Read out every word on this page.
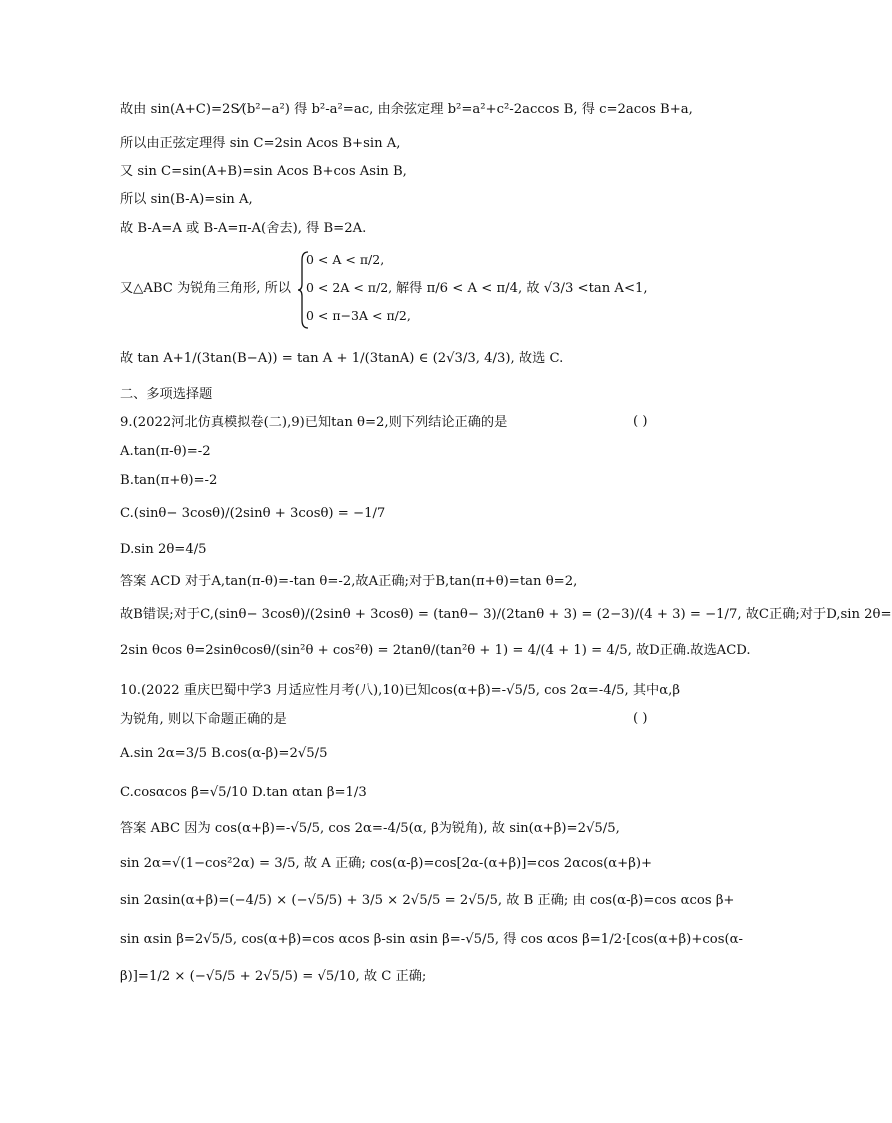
故由 sin(A+C)=2S⁄(b²−a²) 得 b²-a²=ac, 由余弦定理 b²=a²+c²-2accos B, 得 c=2acos B+a,
所以由正弦定理得 sin C=2sin Acos B+sin A,
又 sin C=sin(A+B)=sin Acos B+cos Asin B,
所以 sin(B-A)=sin A,
故 B-A=A 或 B-A=π-A(舍去), 得 B=2A.
又△ABC 为锐角三角形, 所以
0 < A < π/2,
0 < 2A < π/2,
0 < π−3A < π/2,
解得 π/6 < A < π/4, 故 √3/3 <tan A<1,
故 tan A+1/(3tan(B−A)) = tan A + 1/(3tanA) ∈ (2√3/3, 4/3), 故选 C.
二、多项选择题
9.(2022河北仿真模拟卷(二),9)已知tan θ=2,则下列结论正确的是	( )
A.tan(π-θ)=-2
B.tan(π+θ)=-2
C.(sinθ− 3cosθ)/(2sinθ + 3cosθ) = −1/7
D.sin 2θ=4/5
答案 ACD 对于A,tan(π-θ)=-tan θ=-2,故A正确;对于B,tan(π+θ)=tan θ=2,
故B错误;对于C,(sinθ− 3cosθ)/(2sinθ + 3cosθ) = (tanθ− 3)/(2tanθ + 3) = (2−3)/(4 + 3) = −1/7, 故C正确;对于D,sin 2θ=
2sin θcos θ=2sinθcosθ/(sin²θ + cos²θ) = 2tanθ/(tan²θ + 1) = 4/(4 + 1) = 4/5, 故D正确.故选ACD.
10.(2022 重庆巴蜀中学3 月适应性月考(八),10)已知cos(α+β)=-√5/5, cos 2α=-4/5, 其中α,β
为锐角, 则以下命题正确的是	( )
A.sin 2α=3/5 B.cos(α-β)=2√5/5
C.cosαcos β=√5/10 D.tan αtan β=1/3
答案 ABC 因为 cos(α+β)=-√5/5, cos 2α=-4/5(α, β为锐角), 故 sin(α+β)=2√5/5,
sin 2α=√(1−cos²2α) = 3/5, 故 A 正确; cos(α-β)=cos[2α-(α+β)]=cos 2αcos(α+β)+
sin 2αsin(α+β)=(−4/5) × (−√5/5) + 3/5 × 2√5/5 = 2√5/5, 故 B 正确; 由 cos(α-β)=cos αcos β+
sin αsin β=2√5/5, cos(α+β)=cos αcos β-sin αsin β=-√5/5, 得 cos αcos β=1/2·[cos(α+β)+cos(α-
β)]=1/2 × (−√5/5 + 2√5/5) = √5/10, 故 C 正确;
